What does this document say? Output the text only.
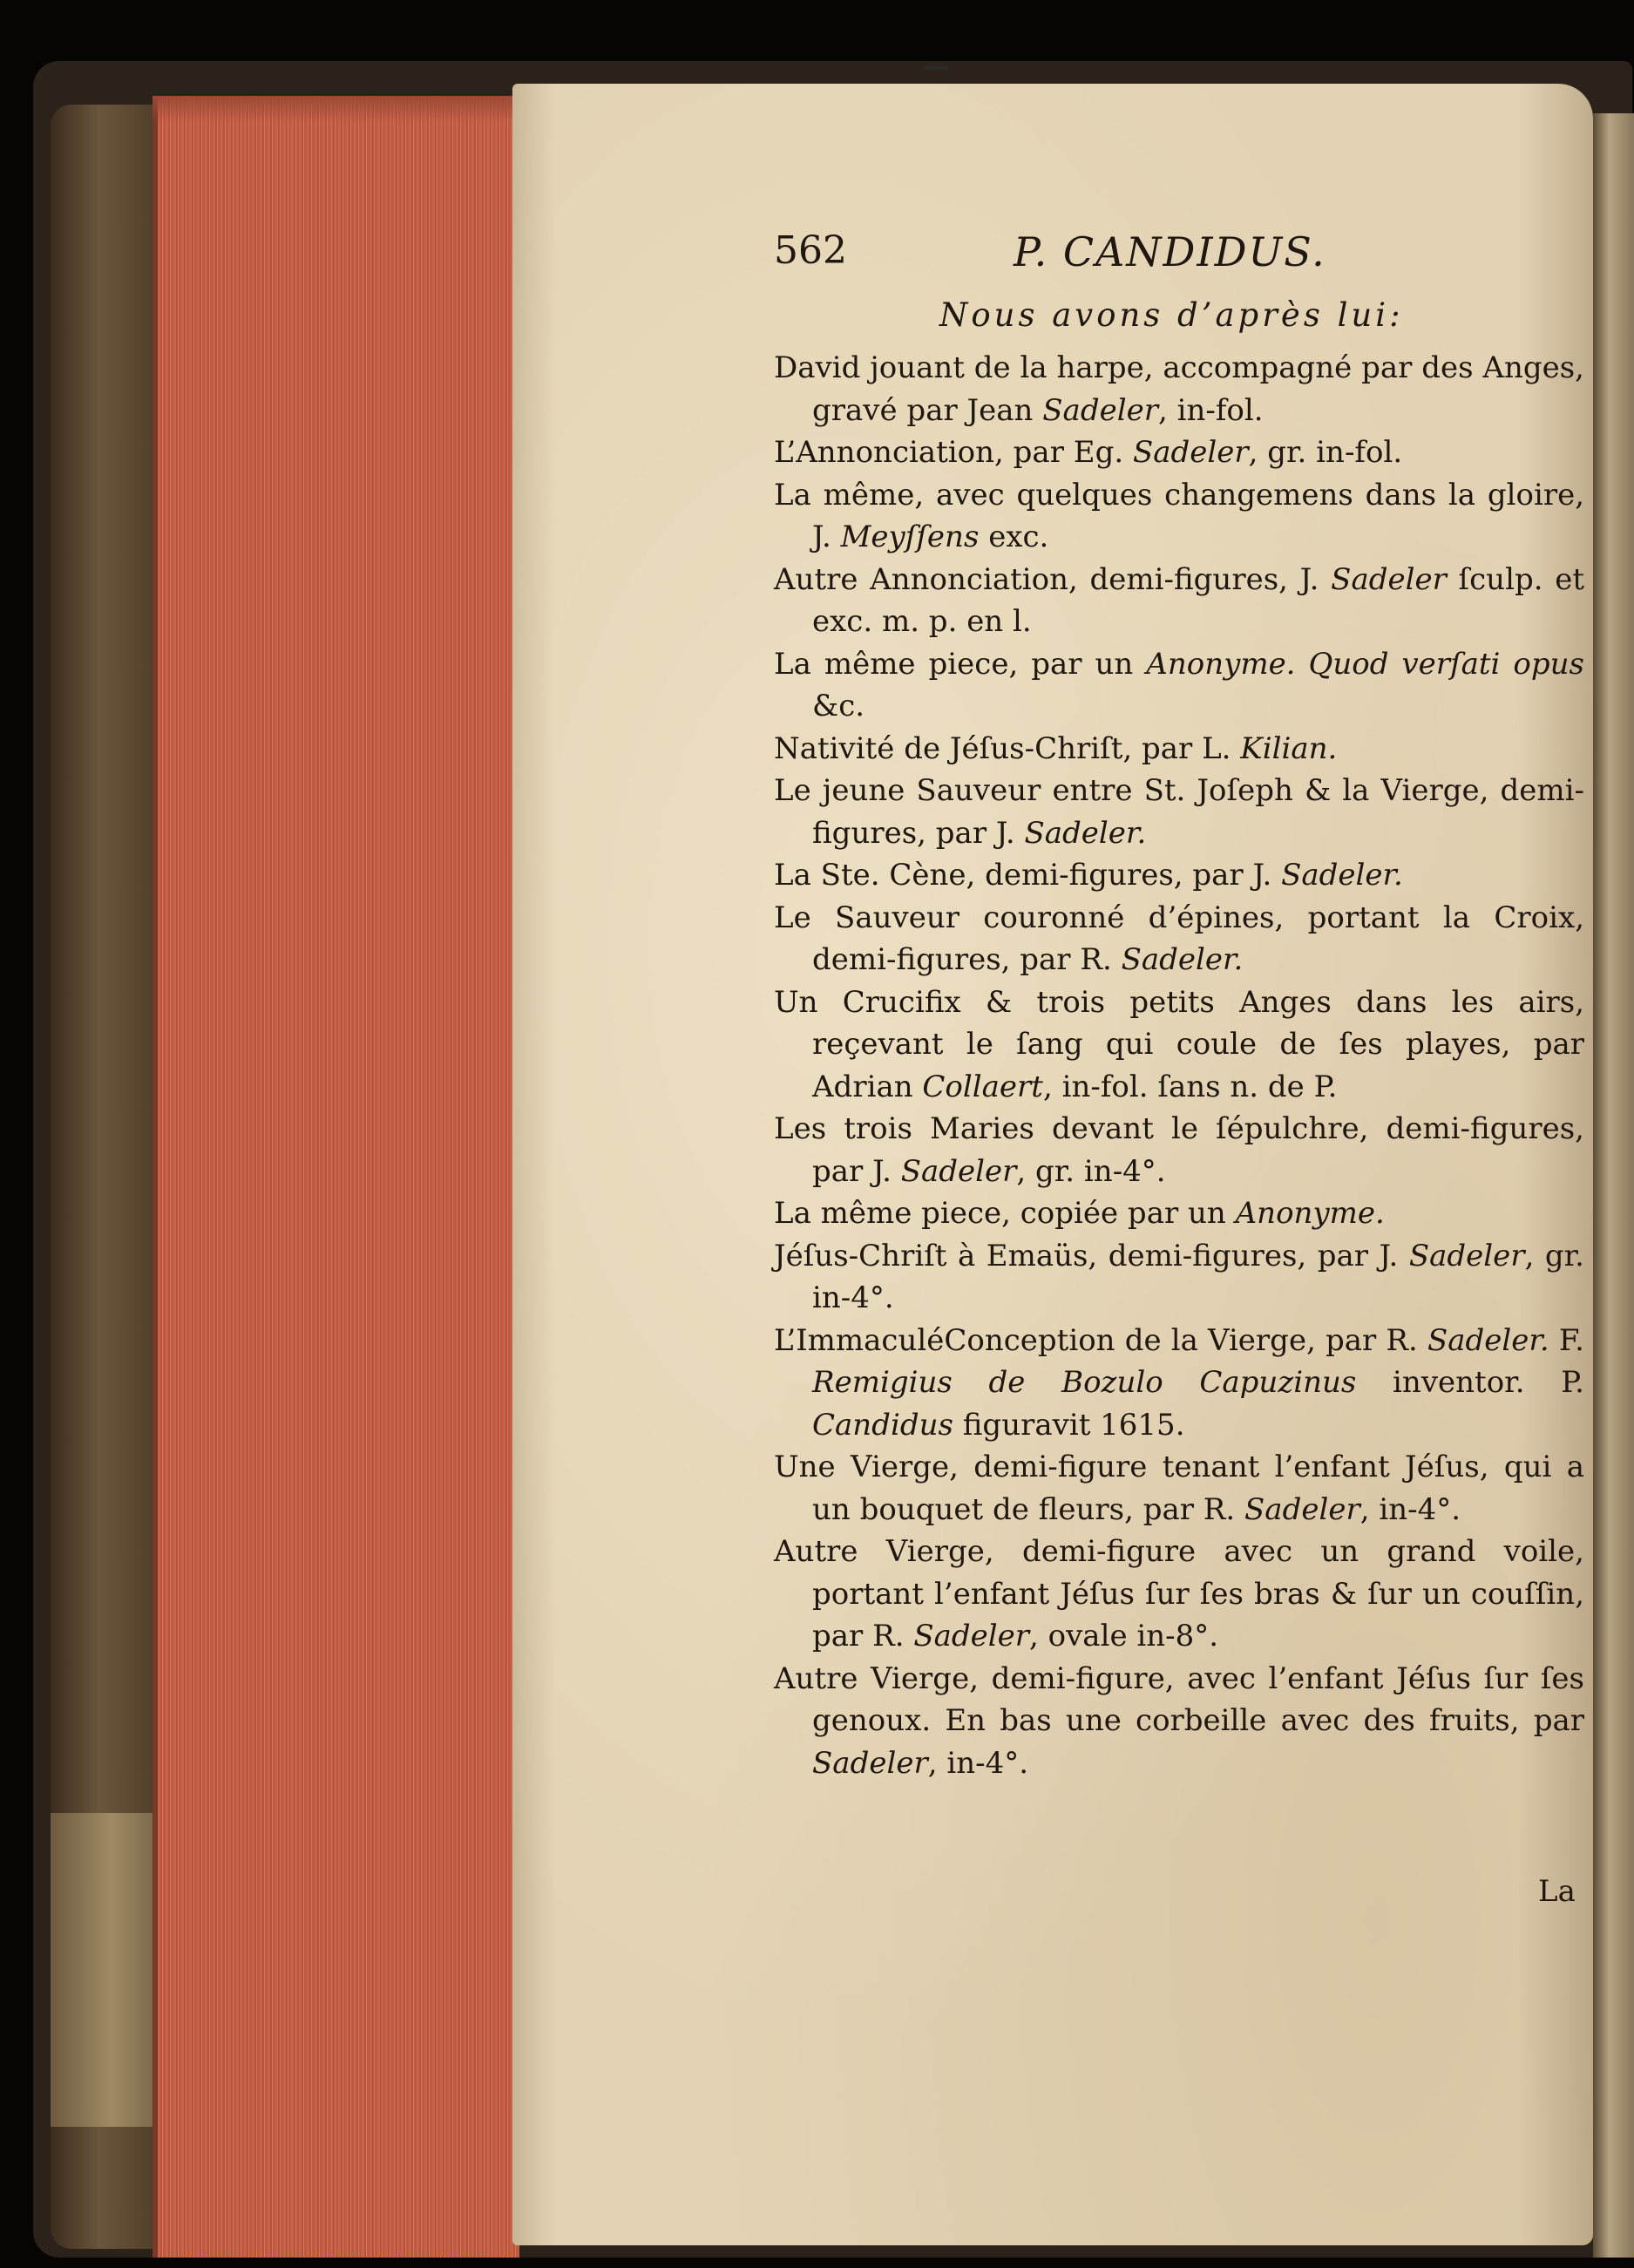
562	P. CANDIDUS.
Nous avons d’après lui:
David jouant de la harpe, accompagné par des Anges, gravé par Jean Sadeler, in-fol.
L’Annonciation, par Eg. Sadeler, gr. in-fol.
La même, avec quelques changemens dans la gloire, J. Meyſſens exc.
Autre Annonciation, demi-figures, J. Sadeler ſculp. et exc. m. p. en l.
La même piece, par un Anonyme. Quod verſati opus &c.
Nativité de Jéſus-Chriſt, par L. Kilian.
Le jeune Sauveur entre St. Joſeph & la Vierge, demi-figures, par J. Sadeler.
La Ste. Cène, demi-figures, par J. Sadeler.
Le Sauveur couronné d’épines, portant la Croix, demi-figures, par R. Sadeler.
Un Crucifix & trois petits Anges dans les airs, reçevant le ſang qui coule de ſes playes, par Adrian Collaert, in-fol. ſans n. de P.
Les trois Maries devant le ſépulchre, demi-figures, par J. Sadeler, gr. in-4°.
La même piece, copiée par un Anonyme.
Jéſus-Chriſt à Emaüs, demi-figures, par J. Sadeler, gr. in-4°.
L’ImmaculéConception de la Vierge, par R. Sadeler. F. Remigius de Bozulo Capuzinus inventor. P. Candidus figuravit 1615.
Une Vierge, demi-figure tenant l’enfant Jéſus, qui a un bouquet de fleurs, par R. Sadeler, in-4°.
Autre Vierge, demi-figure avec un grand voile, portant l’enfant Jéſus ſur ſes bras & ſur un couſſin, par R. Sadeler, ovale in-8°.
Autre Vierge, demi-figure, avec l’enfant Jéſus ſur ſes genoux. En bas une corbeille avec des fruits, par Sadeler, in-4°.
La
